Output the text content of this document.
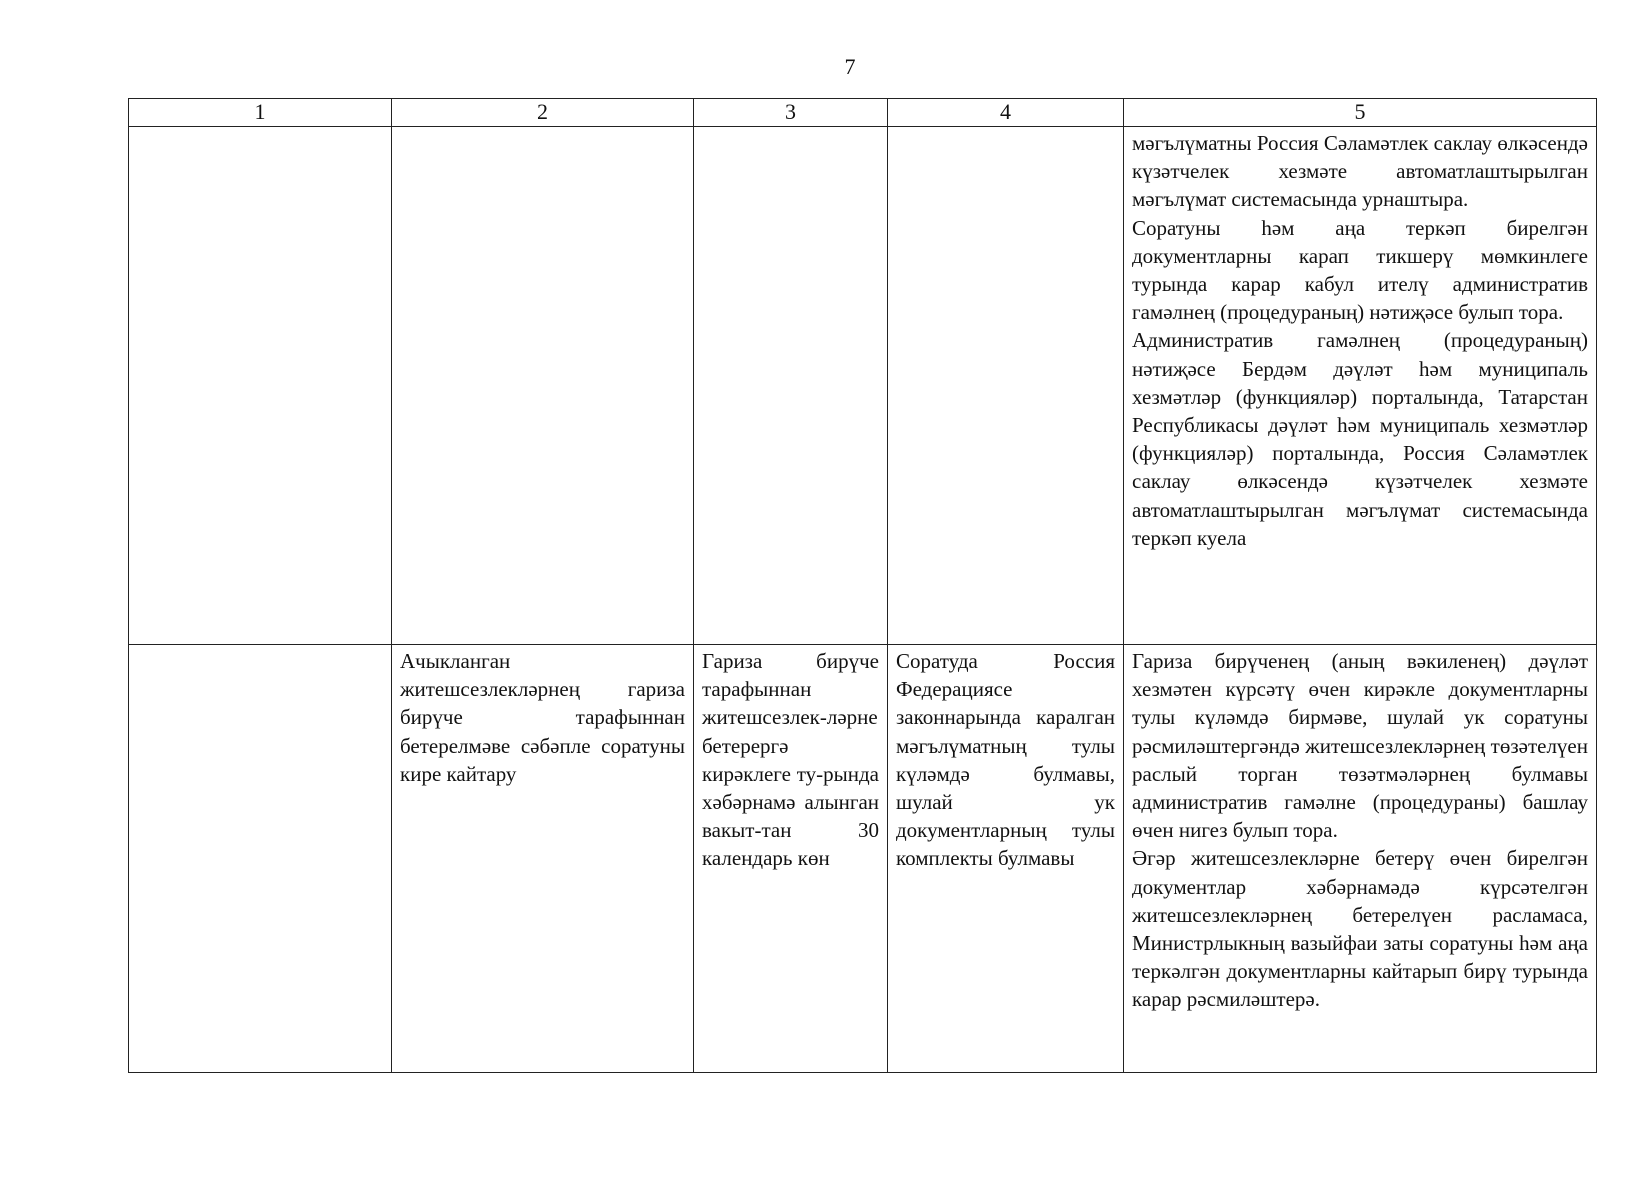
7
1	2	3	4	5

				мәгълүматны Россия Сәламәтлек саклау өлкәсендә күзәтчелек хезмәте автоматлаштырылган мәгълүмат системасында урнаштыра.

Соратуны һәм аңа теркәп бирелгән документларны карап тикшерү мөмкинлеге турында карар кабул ителү административ гамәлнең (процедураның) нәтиҗәсе булып тора.

Административ гамәлнең (процедураның) нәтиҗәсе Бердәм дәүләт һәм муниципаль хезмәтләр (функцияләр) порталында, Татарстан Республикасы дәүләт һәм муниципаль хезмәтләр (функцияләр) порталында, Россия Сәламәтлек саклау өлкәсендә күзәтчелек хезмәте автоматлаштырылган мәгълүмат системасында теркәп куела

	Ачыкланган житешсезлекләрнең гариза бирүче тарафыннан бетерелмәве сәбәпле соратуны кире кайтару	Гариза бирүче тарафыннан житешсезлек-ләрне бетерергә кирәклеге ту-рында хәбәрнамә алынган вакыт-тан 30 календарь көн	Соратуда Россия Федерациясе законнарында каралган мәгълүматның тулы күләмдә булмавы, шулай ук документларның тулы комплекты булмавы	Гариза бирүченең (аның вәкиленең) дәүләт хезмәтен күрсәтү өчен кирәкле документларны тулы күләмдә бирмәве, шулай ук соратуны рәсмиләштергәндә житешсезлекләрнең төзәтелүен раслый торган төзәтмәләрнең булмавы административ гамәлне (процедураны) башлау өчен нигез булып тора.

Әгәр житешсезлекләрне бетерү өчен бирелгән документлар хәбәрнамәдә күрсәтелгән житешсезлекләрнең бетерелүен расламаса, Министрлыкның вазыйфаи заты соратуны һәм аңа теркәлгән документларны кайтарып бирү турында карар рәсмиләштерә.
